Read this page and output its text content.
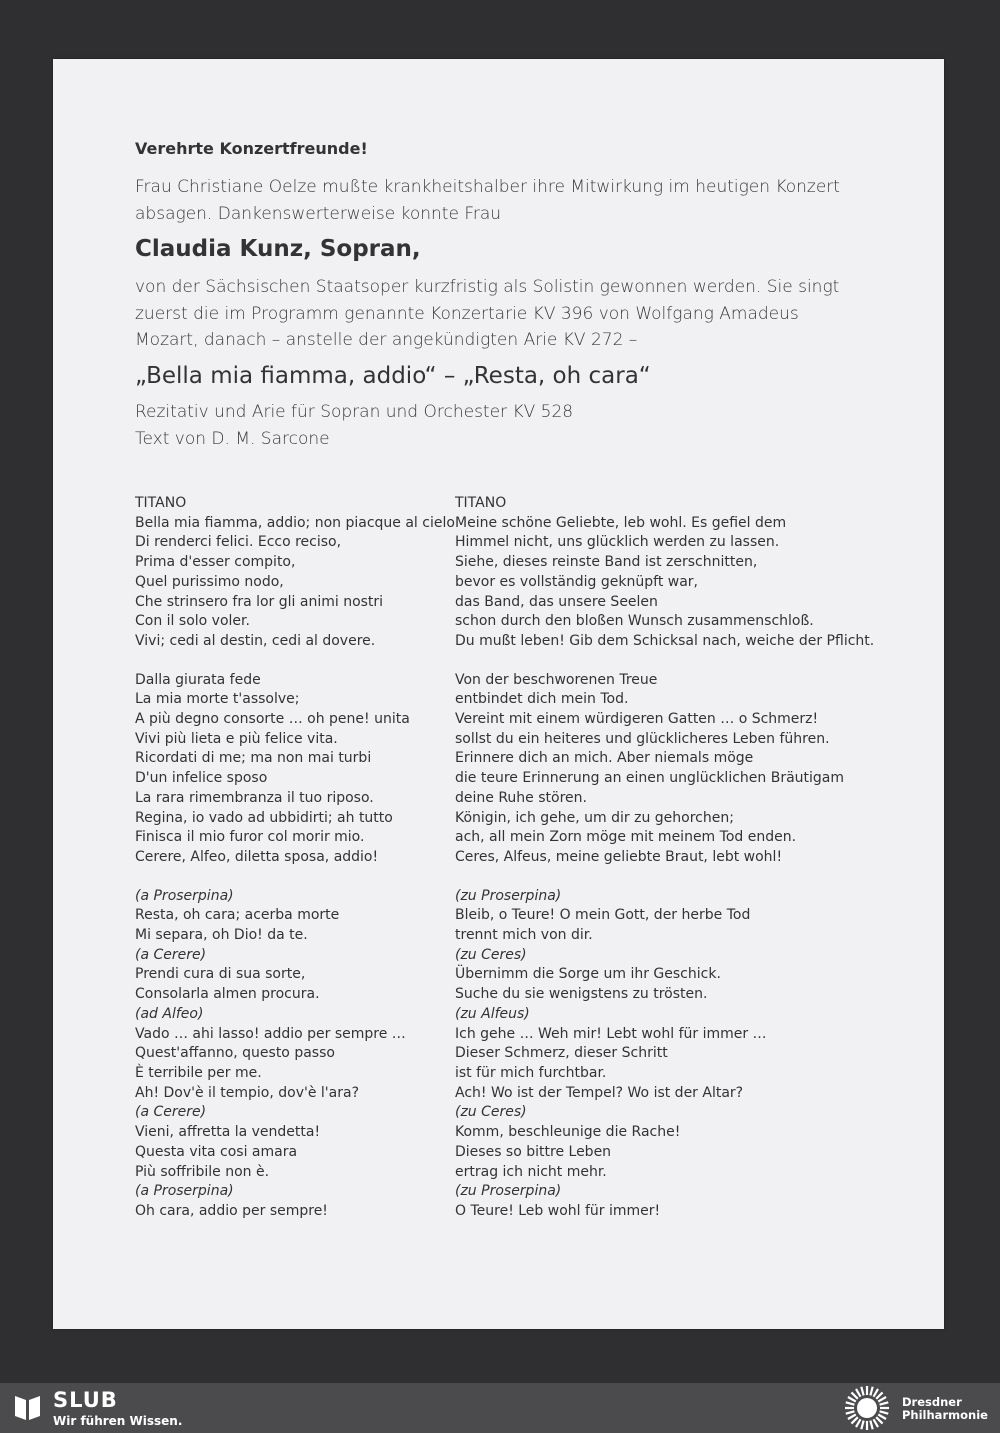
Verehrte Konzertfreunde!
Frau Christiane Oelze mußte krankheitshalber ihre Mitwirkung im heutigen Konzert
absagen. Dankenswerterweise konnte Frau
Claudia Kunz, Sopran,
von der Sächsischen Staatsoper kurzfristig als Solistin gewonnen werden. Sie singt
zuerst die im Programm genannte Konzertarie KV 396 von Wolfgang Amadeus
Mozart, danach – anstelle der angekündigten Arie KV 272 –
„Bella mia fiamma, addio“ – „Resta, oh cara“
Rezitativ und Arie für Sopran und Orchester KV 528
Text von D. M. Sarcone
TITANO
Bella mia fiamma, addio; non piacque al cielo
Di renderci felici. Ecco reciso,
Prima d'esser compito,
Quel purissimo nodo,
Che strinsero fra lor gli animi nostri
Con il solo voler.
Vivi; cedi al destin, cedi al dovere.
Dalla giurata fede
La mia morte t'assolve;
A più degno consorte … oh pene! unita
Vivi più lieta e più felice vita.
Ricordati di me; ma non mai turbi
D'un infelice sposo
La rara rimembranza il tuo riposo.
Regina, io vado ad ubbidirti; ah tutto
Finisca il mio furor col morir mio.
Cerere, Alfeo, diletta sposa, addio!
(a Proserpina)
Resta, oh cara; acerba morte
Mi separa, oh Dio! da te.
(a Cerere)
Prendi cura di sua sorte,
Consolarla almen procura.
(ad Alfeo)
Vado … ahi lasso! addio per sempre …
Quest'affanno, questo passo
È terribile per me.
Ah! Dov'è il tempio, dov'è l'ara?
(a Cerere)
Vieni, affretta la vendetta!
Questa vita cosi amara
Più soffribile non è.
(a Proserpina)
Oh cara, addio per sempre!
TITANO
Meine schöne Geliebte, leb wohl. Es gefiel dem
Himmel nicht, uns glücklich werden zu lassen.
Siehe, dieses reinste Band ist zerschnitten,
bevor es vollständig geknüpft war,
das Band, das unsere Seelen
schon durch den bloßen Wunsch zusammenschloß.
Du mußt leben! Gib dem Schicksal nach, weiche der Pflicht.
Von der beschworenen Treue
entbindet dich mein Tod.
Vereint mit einem würdigeren Gatten … o Schmerz!
sollst du ein heiteres und glücklicheres Leben führen.
Erinnere dich an mich. Aber niemals möge
die teure Erinnerung an einen unglücklichen Bräutigam
deine Ruhe stören.
Königin, ich gehe, um dir zu gehorchen;
ach, all mein Zorn möge mit meinem Tod enden.
Ceres, Alfeus, meine geliebte Braut, lebt wohl!
(zu Proserpina)
Bleib, o Teure! O mein Gott, der herbe Tod
trennt mich von dir.
(zu Ceres)
Übernimm die Sorge um ihr Geschick.
Suche du sie wenigstens zu trösten.
(zu Alfeus)
Ich gehe … Weh mir! Lebt wohl für immer …
Dieser Schmerz, dieser Schritt
ist für mich furchtbar.
Ach! Wo ist der Tempel? Wo ist der Altar?
(zu Ceres)
Komm, beschleunige die Rache!
Dieses so bittre Leben
ertrag ich nicht mehr.
(zu Proserpina)
O Teure! Leb wohl für immer!
SLUB
Wir führen Wissen.
Dresdner
Philharmonie
